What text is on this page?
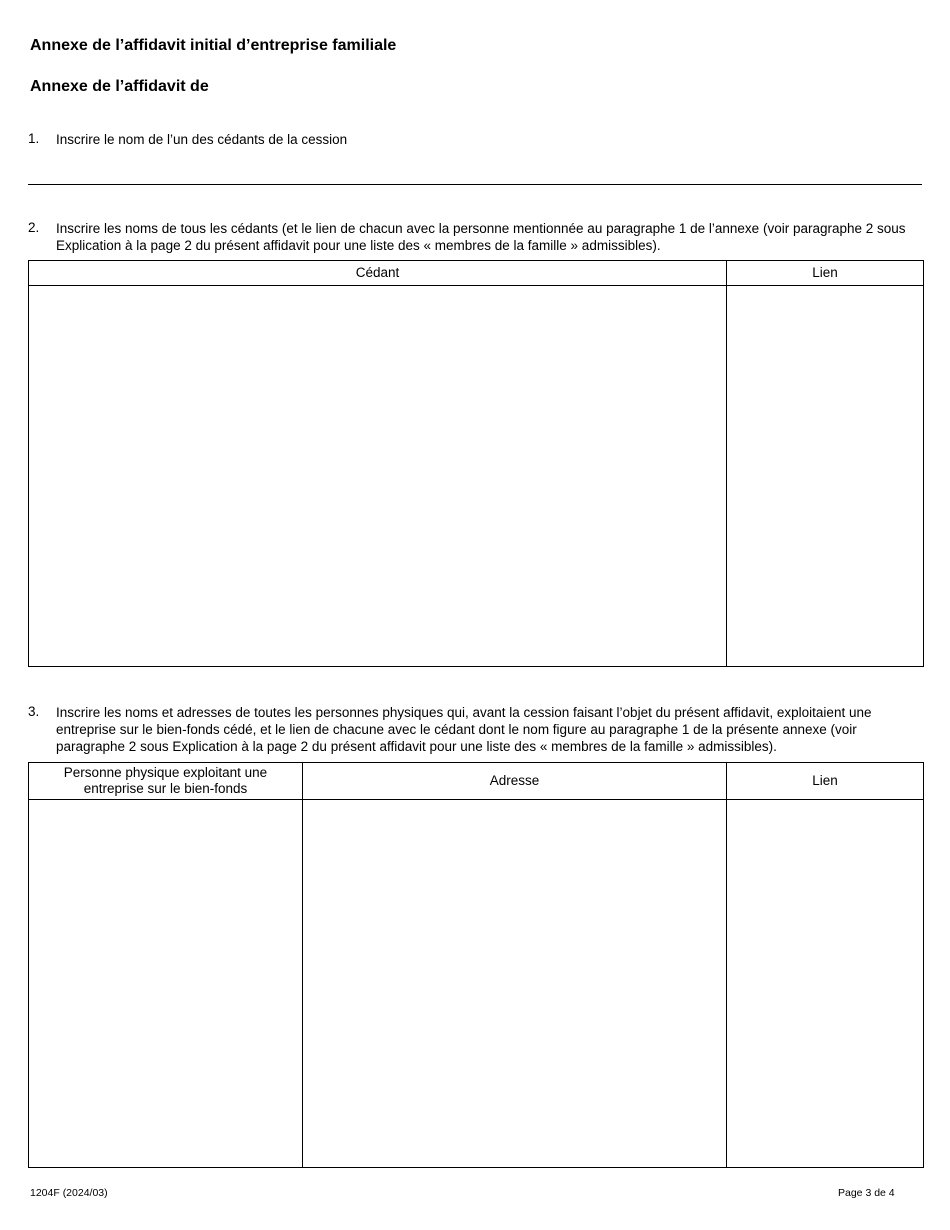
Annexe de l’affidavit initial d’entreprise familiale
Annexe de l’affidavit de
1. Inscrire le nom de l’un des cédants de la cession
2. Inscrire les noms de tous les cédants (et le lien de chacun avec la personne mentionnée au paragraphe 1 de l’annexe (voir paragraphe 2 sous Explication à la page 2 du présent affidavit pour une liste des « membres de la famille » admissibles).
Cédant	Lien

3. Inscrire les noms et adresses de toutes les personnes physiques qui, avant la cession faisant l’objet du présent affidavit, exploitaient une entreprise sur le bien-fonds cédé, et le lien de chacune avec le cédant dont le nom figure au paragraphe 1 de la présente annexe (voir paragraphe 2 sous Explication à la page 2 du présent affidavit pour une liste des « membres de la famille » admissibles).
Personne physique exploitant une entreprise sur le bien-fonds	Adresse	Lien

1204F (2024/03)	Page 3 de 4
